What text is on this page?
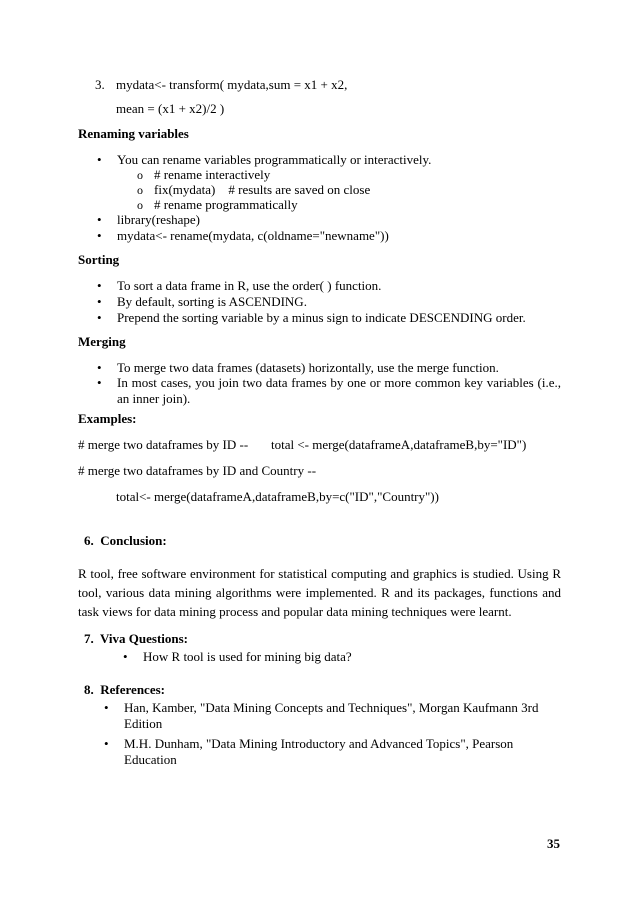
3. mydata<- transform( mydata,sum = x1 + x2,
mean = (x1 + x2)/2 )
Renaming variables
• You can rename variables programmatically or interactively.
o # rename interactively
o fix(mydata)    # results are saved on close
o # rename programmatically
• library(reshape)
• mydata<- rename(mydata, c(oldname="newname"))
Sorting
• To sort a data frame in R, use the order( ) function.
• By default, sorting is ASCENDING.
• Prepend the sorting variable by a minus sign to indicate DESCENDING order.
Merging
• To merge two data frames (datasets) horizontally, use the merge function.
• In most cases, you join two data frames by one or more common key variables (i.e., an inner join).
Examples:
# merge two dataframes by ID -- total <- merge(dataframeA,dataframeB,by="ID")
# merge two dataframes by ID and Country --
total<- merge(dataframeA,dataframeB,by=c("ID","Country"))
6.  Conclusion:
R tool, free software environment for statistical computing and graphics is studied. Using R tool, various data mining algorithms were implemented. R and its packages, functions and task views for data mining process and popular data mining techniques were learnt.
7.  Viva Questions:
• How R tool is used for mining big data?
8.  References:
• Han, Kamber, "Data Mining Concepts and Techniques", Morgan Kaufmann 3rd Edition
• M.H. Dunham, "Data Mining Introductory and Advanced Topics", Pearson Education
35
